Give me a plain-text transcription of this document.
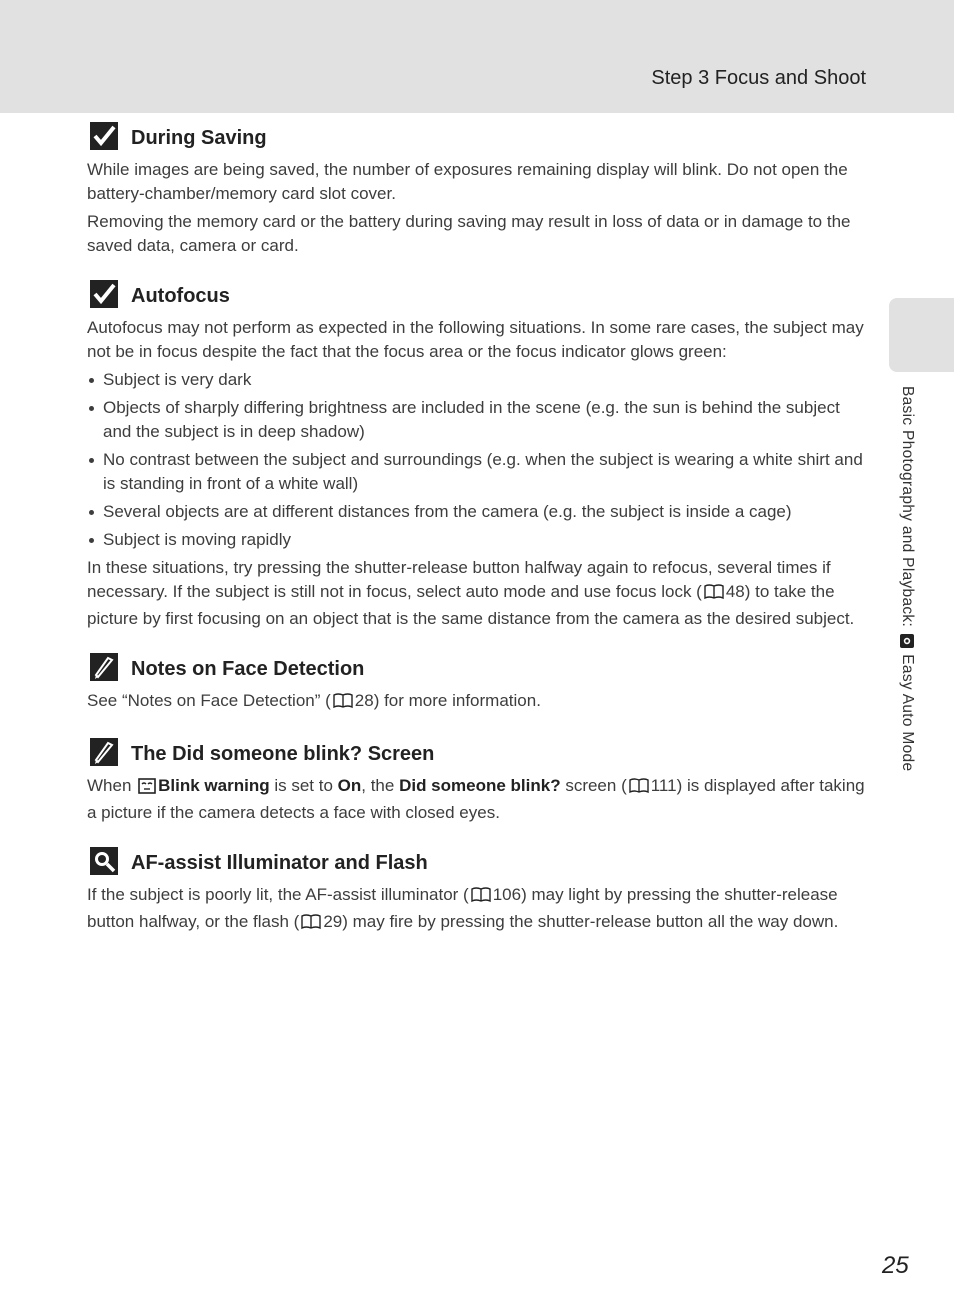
Step 3 Focus and Shoot
Basic Photography and Playback:  Easy Auto Mode
During Saving

While images are being saved, the number of exposures remaining display will blink. Do not open the battery-chamber/memory card slot cover.

Removing the memory card or the battery during saving may result in loss of data or in damage to the saved data, camera or card.

Autofocus

Autofocus may not perform as expected in the following situations. In some rare cases, the subject may not be in focus despite the fact that the focus area or the focus indicator glows green:

Subject is very dark
Objects of sharply differing brightness are included in the scene (e.g. the sun is behind the subject and the subject is in deep shadow)
No contrast between the subject and surroundings (e.g. when the subject is wearing a white shirt and is standing in front of a white wall)
Several objects are at different distances from the camera (e.g. the subject is inside a cage)
Subject is moving rapidly

In these situations, try pressing the shutter-release button halfway again to refocus, several times if necessary. If the subject is still not in focus, select auto mode and use focus lock ( 48) to take the picture by first focusing on an object that is the same distance from the camera as the desired subject.

Notes on Face Detection

See “Notes on Face Detection” ( 28) for more information.

The Did someone blink? Screen

When Blink warning is set to On, the Did someone blink? screen ( 111) is displayed after taking a picture if the camera detects a face with closed eyes.

AF-assist Illuminator and Flash

If the subject is poorly lit, the AF-assist illuminator ( 106) may light by pressing the shutter-release button halfway, or the flash ( 29) may fire by pressing the shutter-release button all the way down.

25
